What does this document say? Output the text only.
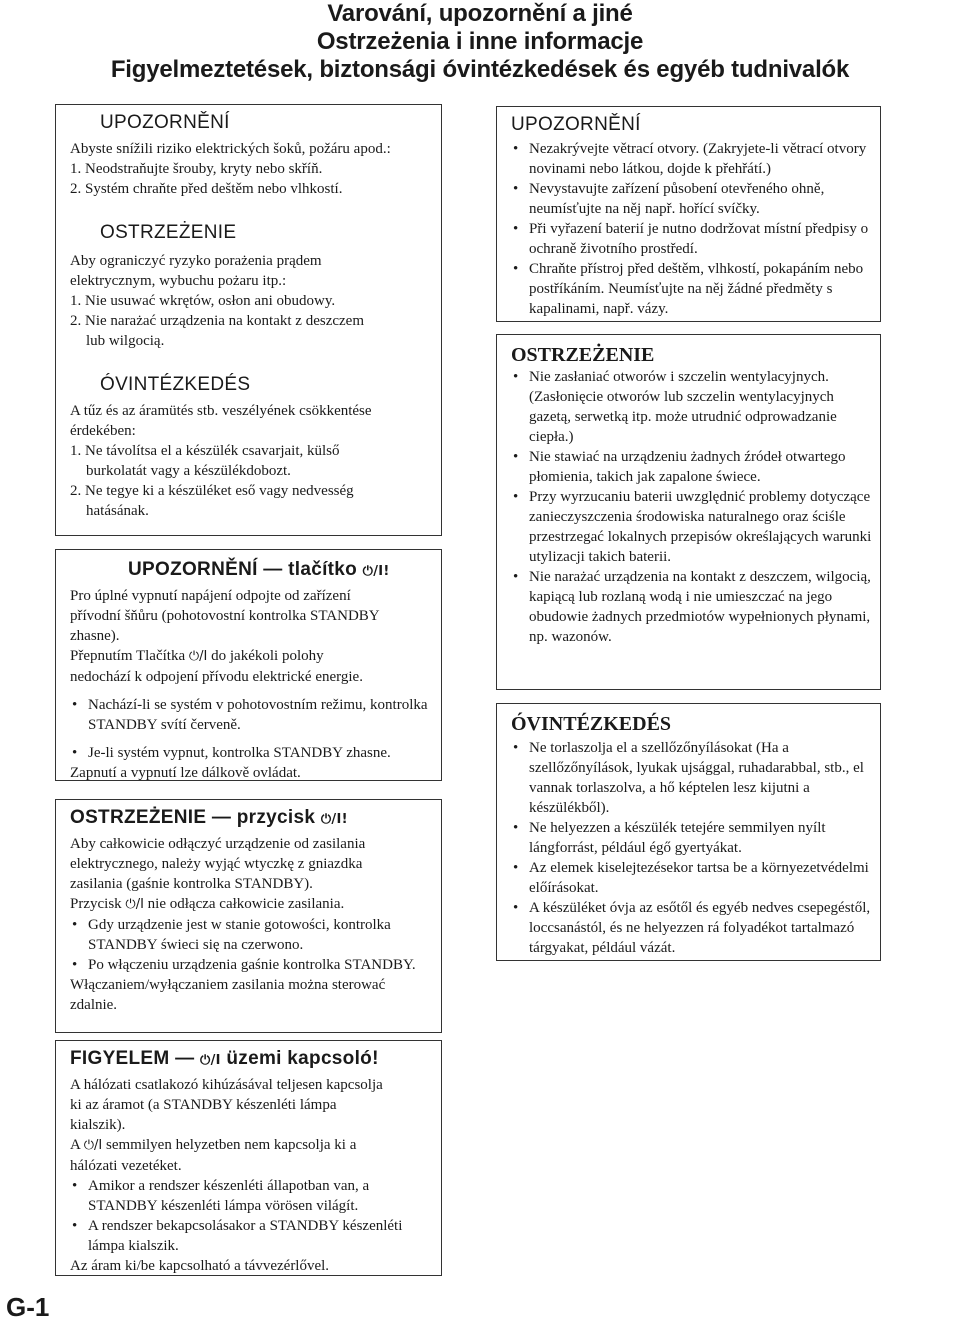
Varování, upozornění a jiné
Ostrzeżenia i inne informacje
Figyelmeztetések, biztonsági óvintézkedések és egyéb tudnivalók
UPOZORNĚNÍ

Abyste snížili riziko elektrických šoků, požáru apod.:

1. Neodstraňujte šrouby, kryty nebo skříň.

2. Systém chraňte před deštěm nebo vlhkostí.

OSTRZEŻENIE

Aby ograniczyć ryzyko porażenia prądem

elektrycznym, wybuchu pożaru itp.:

1. Nie usuwać wkrętów, osłon ani obudowy.

2. Nie narażać urządzenia na kontakt z deszczem

lub wilgocią.

ÓVINTÉZKEDÉS

A tűz és az áramütés stb. veszélyének csökkentése

érdekében:

1. Ne távolítsa el a készülék csavarjait, külső

burkolatát vagy a készülékdobozt.

2. Ne tegye ki a készüléket eső vagy nedvesség

hatásának.

UPOZORNĚNÍ — tlačítko ⏻/I!

Pro úplné vypnutí napájení odpojte od zařízení

přívodní šňůru (pohotovostní kontrolka STANDBY

zhasne).

Přepnutím Tlačítka ⏻/I do jakékoli polohy

nedochází k odpojení přívodu elektrické energie.

• Nachází-li se systém v pohotovostním režimu, kontrolka STANDBY svítí červeně.
• Je-li systém vypnut, kontrolka STANDBY zhasne.

Zapnutí a vypnutí lze dálkově ovládat.

OSTRZEŻENIE — przycisk ⏻/I!

Aby całkowicie odłączyć urządzenie od zasilania

elektrycznego, należy wyjąć wtyczkę z gniazdka

zasilania (gaśnie kontrolka STANDBY).

Przycisk ⏻/I nie odłącza całkowicie zasilania.

• Gdy urządzenie jest w stanie gotowości, kontrolka STANDBY świeci się na czerwono.
• Po włączeniu urządzenia gaśnie kontrolka STANDBY.

Włączaniem/wyłączaniem zasilania można sterować

zdalnie.

FIGYELEM — ⏻/I üzemi kapcsoló!

A hálózati csatlakozó kihúzásával teljesen kapcsolja

ki az áramot (a STANDBY készenléti lámpa

kialszik).

A ⏻/I semmilyen helyzetben nem kapcsolja ki a

hálózati vezetéket.

• Amikor a rendszer készenléti állapotban van, a STANDBY készenléti lámpa vörösen világít.
• A rendszer bekapcsolásakor a STANDBY készenléti lámpa kialszik.

Az áram ki/be kapcsolható a távvezérlővel.

UPOZORNĚNÍ
• Nezakrývejte větrací otvory. (Zakryjete-li větrací otvory novinami nebo látkou, dojde k přehřátí.)
• Nevystavujte zařízení působení otevřeného ohně, neumísťujte na něj např. hořící svíčky.
• Při vyřazení baterií je nutno dodržovat místní předpisy o ochraně životního prostředí.
• Chraňte přístroj před deštěm, vlhkostí, pokapáním nebo postříkáním. Neumísťujte na něj žádné předměty s kapalinami, např. vázy.
OSTRZEŻENIE
• Nie zasłaniać otworów i szczelin wentylacyjnych. (Zasłonięcie otworów lub szczelin wentylacyjnych gazetą, serwetką itp. może utrudnić odprowadzanie ciepła.)
• Nie stawiać na urządzeniu żadnych źródeł otwartego płomienia, takich jak zapalone świece.
• Przy wyrzucaniu baterii uwzględnić problemy dotyczące zanieczyszczenia środowiska naturalnego oraz ściśle przestrzegać lokalnych przepisów określających warunki utylizacji takich baterii.
• Nie narażać urządzenia na kontakt z deszczem, wilgocią, kapiącą lub rozlaną wodą i nie umieszczać na jego obudowie żadnych przedmiotów wypełnionych płynami, np. wazonów.
ÓVINTÉZKEDÉS
• Ne torlaszolja el a szellőzőnyílásokat (Ha a szellőzőnyílások, lyukak ujsággal, ruhadarabbal, stb., el vannak torlaszolva, a hő képtelen lesz kijutni a készülékből).
• Ne helyezzen a készülék tetejére semmilyen nyílt lángforrást, például égő gyertyákat.
• Az elemek kiselejtezésekor tartsa be a környezetvédelmi előírásokat.
• A készüléket óvja az esőtől és egyéb nedves csepegéstől, loccsanástól, és ne helyezzen rá folyadékot tartalmazó tárgyakat, például vázát.
G-1
